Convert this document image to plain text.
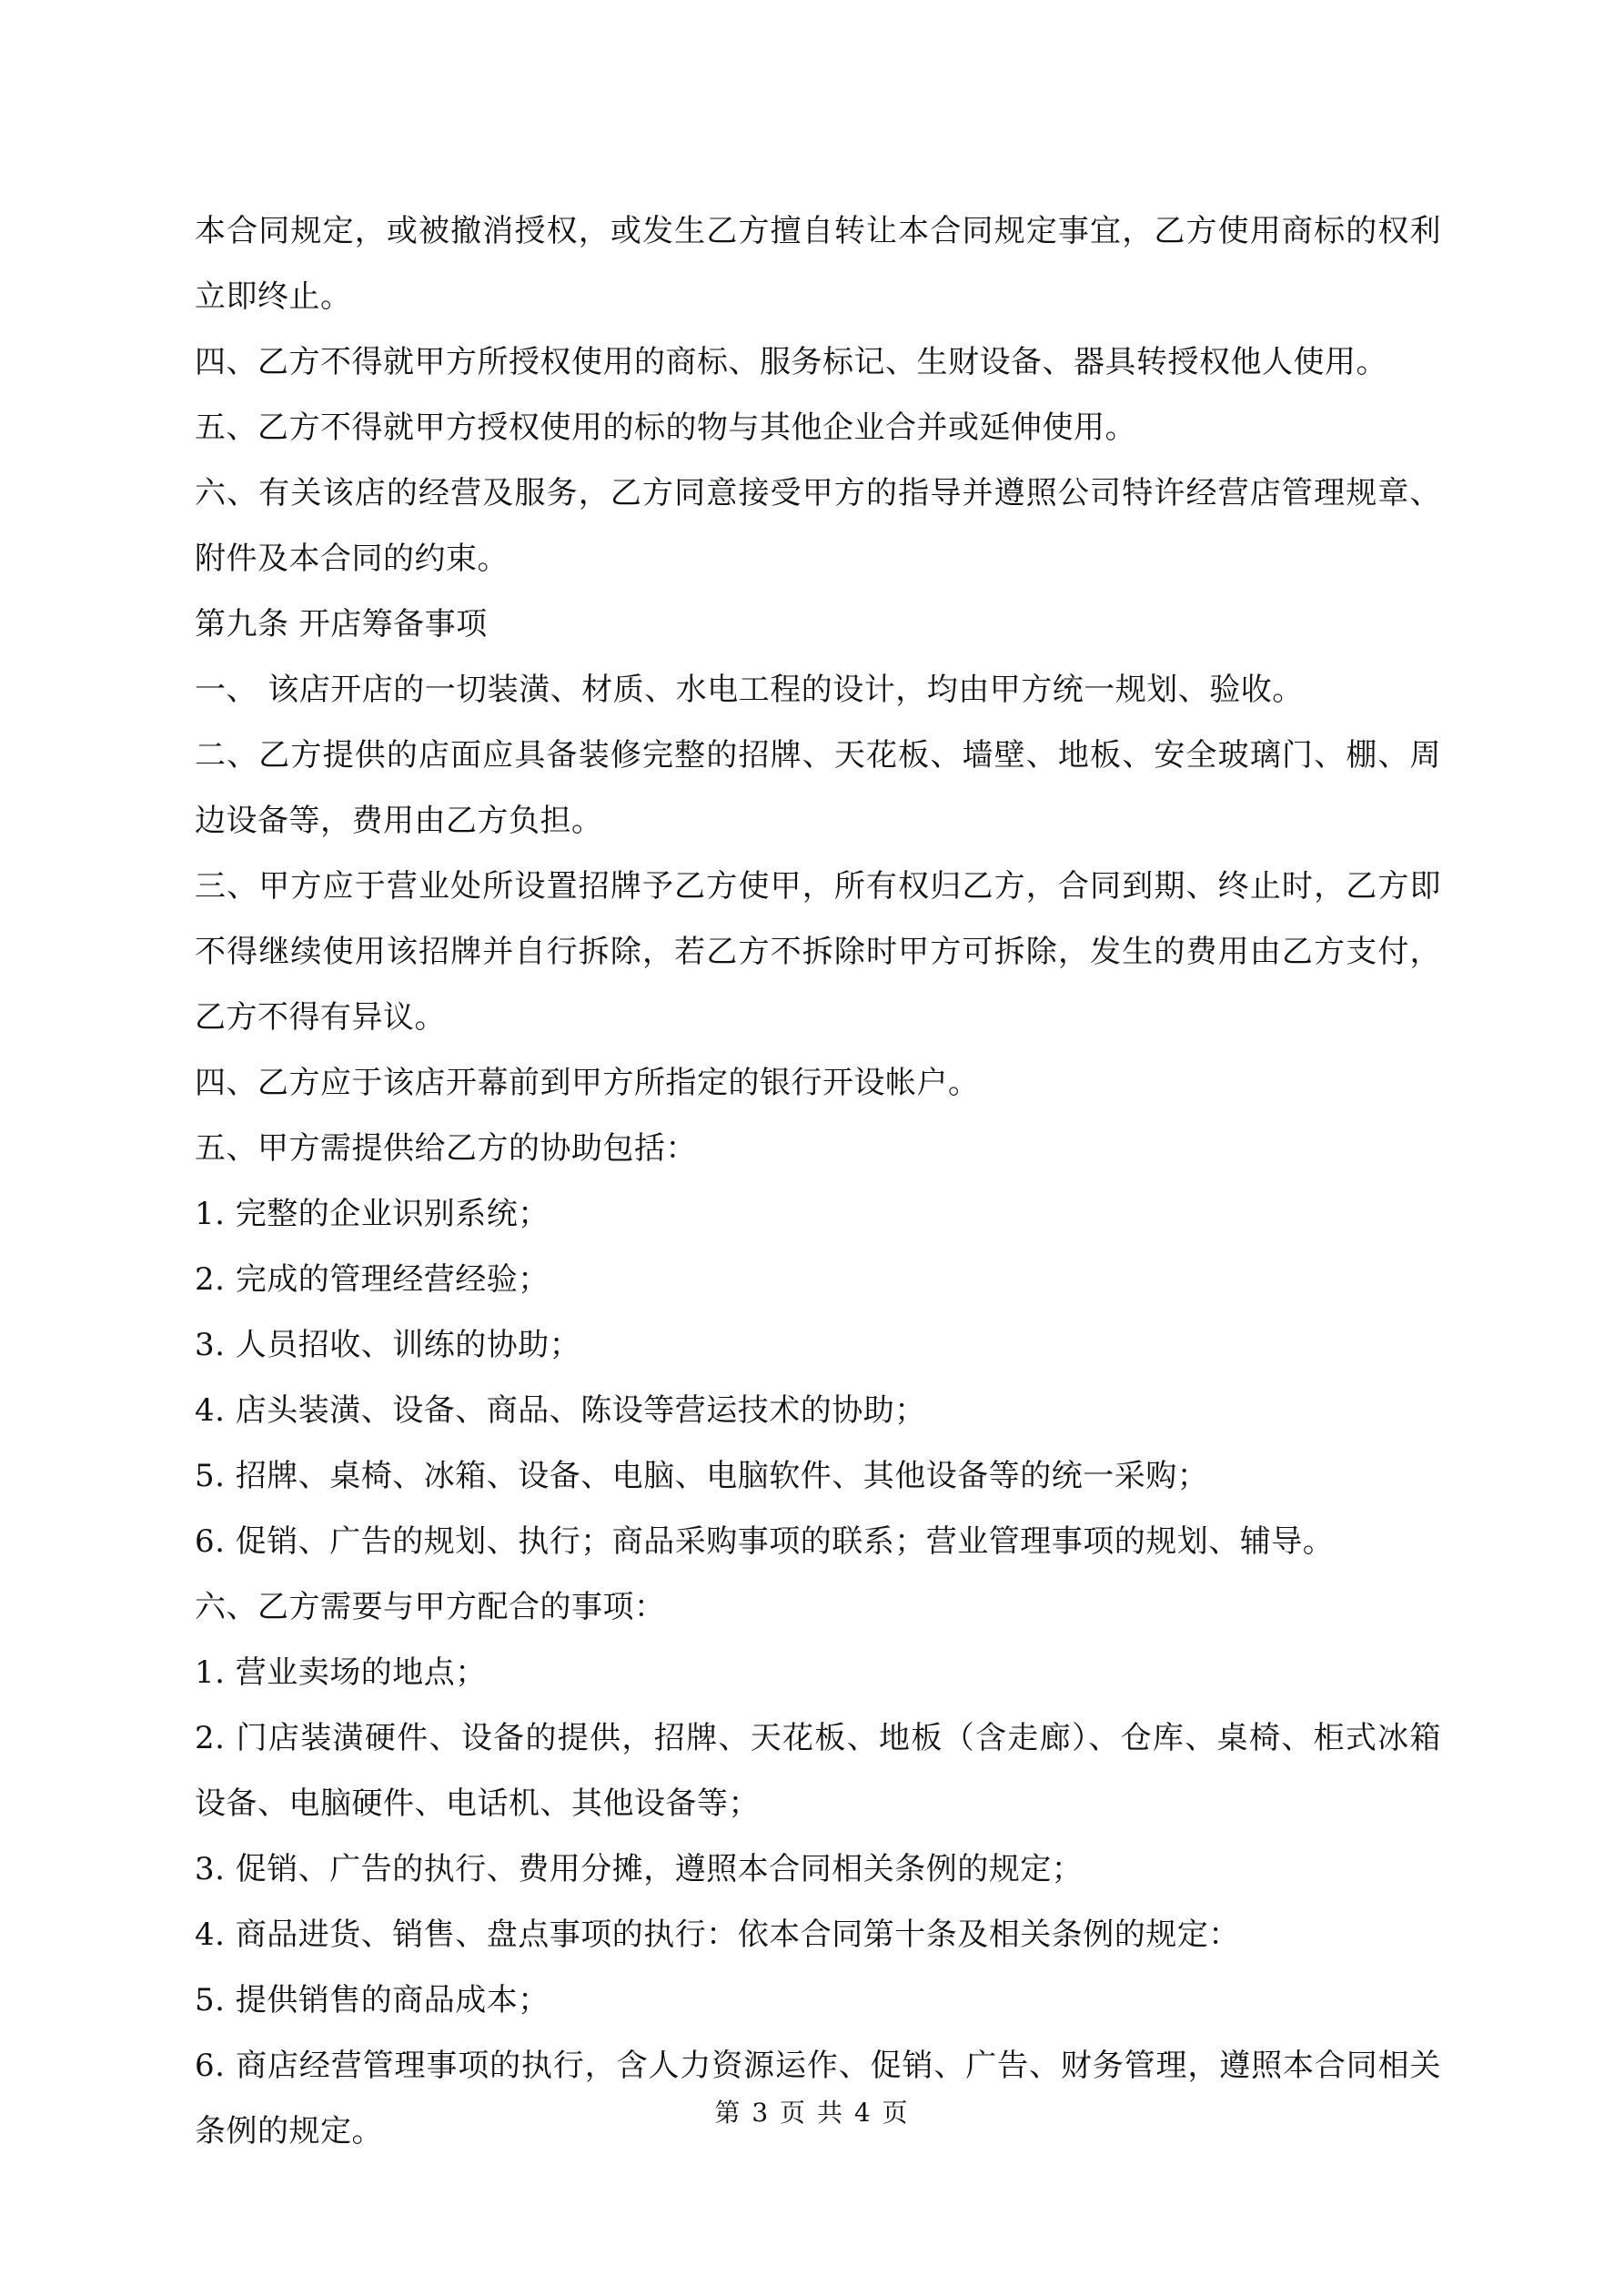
本合同规定，或被撤消授权，或发生乙方擅自转让本合同规定事宜，乙方使用商标的权利立即终止。

四、乙方不得就甲方所授权使用的商标、服务标记、生财设备、器具转授权他人使用。

五、乙方不得就甲方授权使用的标的物与其他企业合并或延伸使用。

六、有关该店的经营及服务，乙方同意接受甲方的指导并遵照公司特许经营店管理规章、附件及本合同的约束。

第九条 开店筹备事项

一、 该店开店的一切装潢、材质、水电工程的设计，均由甲方统一规划、验收。

二、乙方提供的店面应具备装修完整的招牌、天花板、墙壁、地板、安全玻璃门、棚、周边设备等，费用由乙方负担。

三、甲方应于营业处所设置招牌予乙方使甲，所有权归乙方，合同到期、终止时，乙方即不得继续使用该招牌并自行拆除，若乙方不拆除时甲方可拆除，发生的费用由乙方支付，乙方不得有异议。

四、乙方应于该店开幕前到甲方所指定的银行开设帐户。

五、甲方需提供给乙方的协助包括：

1. 完整的企业识别系统；

2. 完成的管理经营经验；

3. 人员招收、训练的协助；

4. 店头装潢、设备、商品、陈设等营运技术的协助；

5. 招牌、桌椅、冰箱、设备、电脑、电脑软件、其他设备等的统一采购；

6. 促销、广告的规划、执行；商品采购事项的联系；营业管理事项的规划、辅导。

六、乙方需要与甲方配合的事项：

1. 营业卖场的地点；

2. 门店装潢硬件、设备的提供，招牌、天花板、地板（含走廊）、仓库、桌椅、柜式冰箱设备、电脑硬件、电话机、其他设备等；

3. 促销、广告的执行、费用分摊，遵照本合同相关条例的规定；

4. 商品进货、销售、盘点事项的执行：依本合同第十条及相关条例的规定：

5. 提供销售的商品成本；

6. 商店经营管理事项的执行，含人力资源运作、促销、广告、财务管理，遵照本合同相关条例的规定。

第 3 页 共 4 页
